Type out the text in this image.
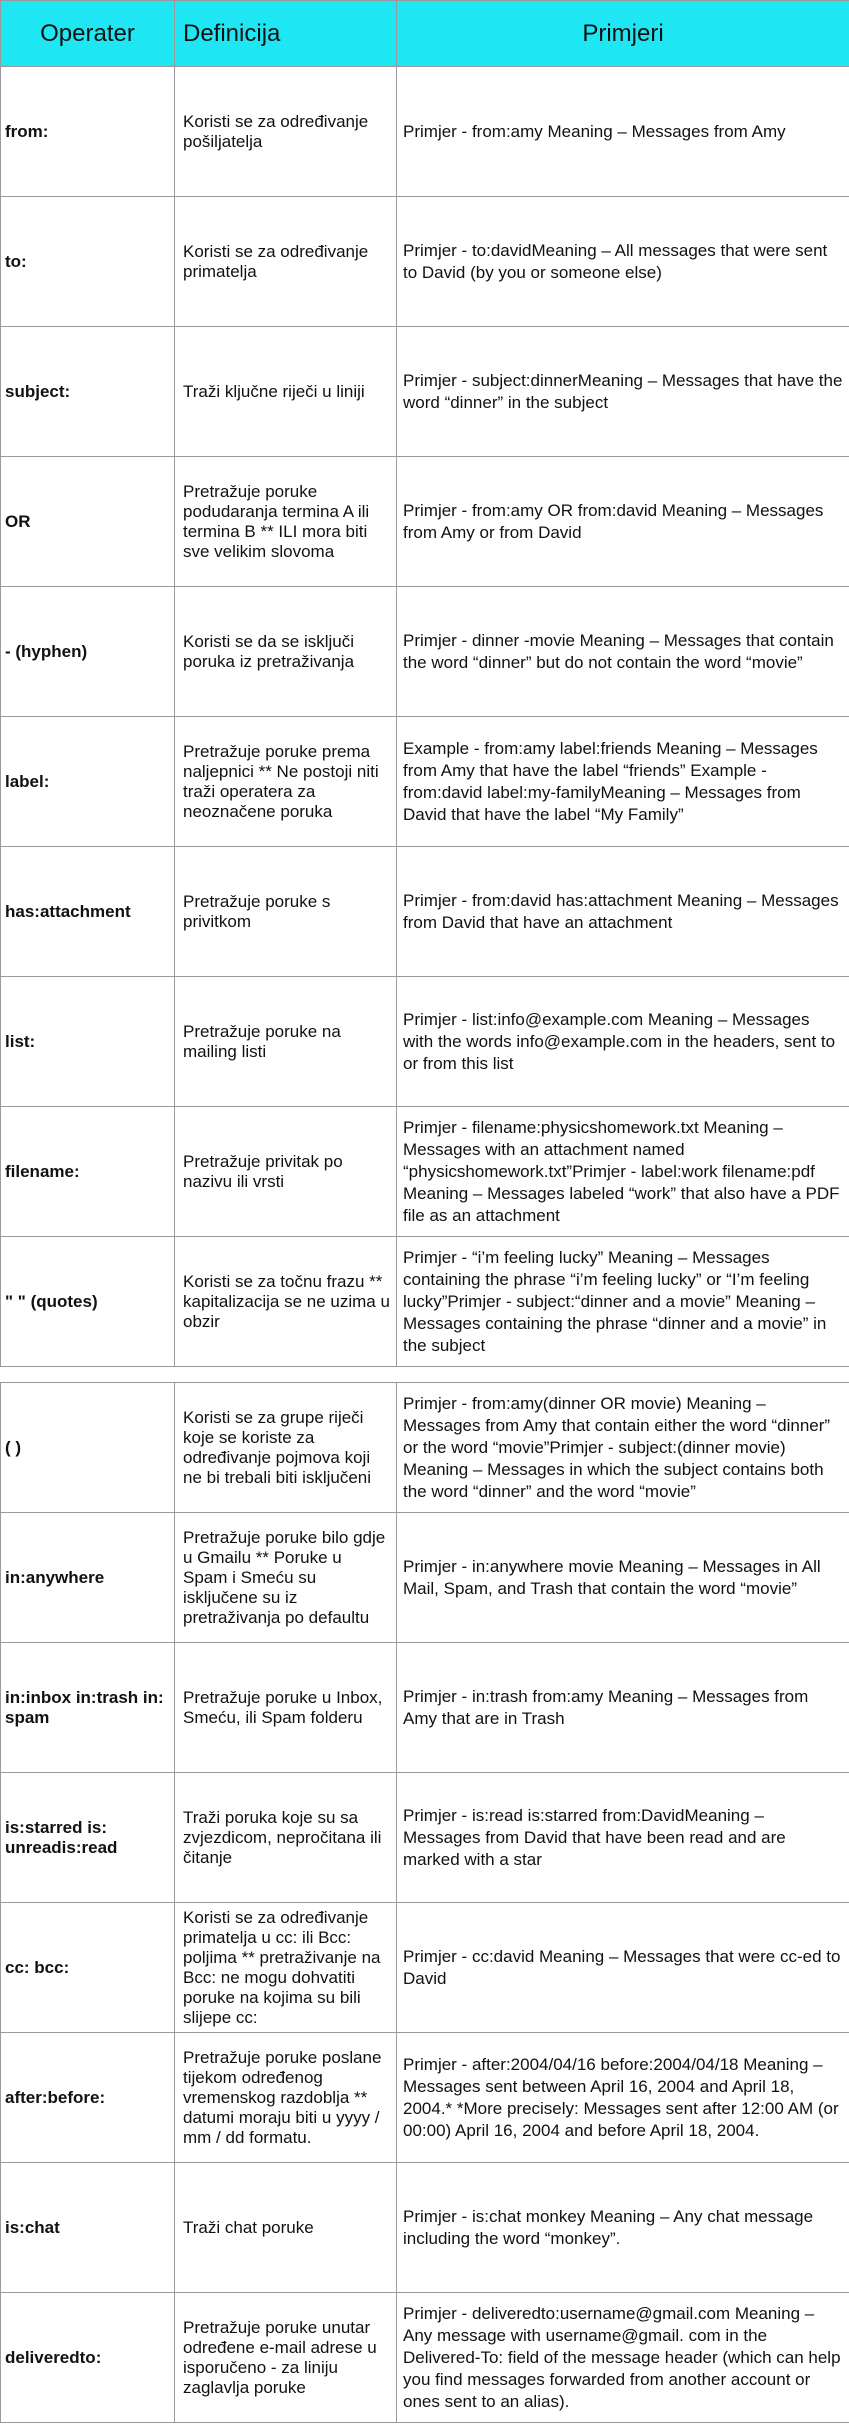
Operater	Definicija	Primjeri
from:	Koristi se za određivanje pošiljatelja	Primjer - from:amy Meaning – Messages from Amy
to:	Koristi se za određivanje primatelja	Primjer - to:davidMeaning – All messages that were sent to David (by you or someone else)
subject:	Traži ključne riječi u liniji	Primjer - subject:dinnerMeaning – Messages that have the word “dinner” in the subject
OR	Pretražuje poruke podudaranja termina A ili termina B ** ILI mora biti sve velikim slovoma	Primjer - from:amy OR from:david Meaning – Messages from Amy or from David
- (hyphen)	Koristi se da se isključi poruka iz pretraživanja	Primjer - dinner -movie Meaning – Messages that contain the word “dinner” but do not contain the word “movie”
label:	Pretražuje poruke prema naljepnici ** Ne postoji niti traži operatera za neoznačene poruka	Example - from:amy label:friends Meaning – Messages from Amy that have the label “friends” Example - from:david label:my-familyMeaning – Messages from David that have the label “My Family”
has:attachment	Pretražuje poruke s privitkom	Primjer - from:david has:attachment Meaning – Messages from David that have an attachment
list:	Pretražuje poruke na mailing listi	Primjer - list:info@example.com Meaning – Messages with the words info@example.com in the headers, sent to or from this list
filename:	Pretražuje privitak po nazivu ili vrsti	Primjer - filename:physicshomework.txt Meaning – Messages with an attachment named “physicshomework.txt”Primjer - label:work filename:pdf Meaning – Messages labeled “work” that also have a PDF file as an attachment
" " (quotes)	Koristi se za točnu frazu ** kapitalizacija se ne uzima u obzir	Primjer - “i’m feeling lucky” Meaning – Messages containing the phrase “i’m feeling lucky” or “I’m feeling lucky”Primjer - subject:“dinner and a movie” Meaning – Messages containing the phrase “dinner and a movie” in the subject

( )	Koristi se za grupe riječi koje se koriste za određivanje pojmova koji ne bi trebali biti isključeni	Primjer - from:amy(dinner OR movie) Meaning – Messages from Amy that contain either the word “dinner” or the word “movie”Primjer - subject:(dinner movie) Meaning – Messages in which the subject contains both the word “dinner” and the word “movie”
in:anywhere	Pretražuje poruke bilo gdje u Gmailu ** Poruke u Spam i Smeću su isključene su iz pretraživanja po defaultu	Primjer - in:anywhere movie Meaning – Messages in All Mail, Spam, and Trash that contain the word “movie”
in:inbox in:trash in: spam	Pretražuje poruke u Inbox, Smeću, ili Spam folderu	Primjer - in:trash from:amy Meaning – Messages from Amy that are in Trash
is:starred is: unreadis:read	Traži poruka koje su sa zvjezdicom, nepročitana ili čitanje	Primjer - is:read is:starred from:DavidMeaning – Messages from David that have been read and are marked with a star
cc: bcc:	Koristi se za određivanje primatelja u cc: ili Bcc: poljima ** pretraživanje na Bcc: ne mogu dohvatiti poruke na kojima su bili slijepe cc:	Primjer - cc:david Meaning – Messages that were cc-ed to David
after:before:	Pretražuje poruke poslane tijekom određenog vremenskog razdoblja ** datumi moraju biti u yyyy / mm / dd formatu.	Primjer - after:2004/04/16 before:2004/04/18 Meaning – Messages sent between April 16, 2004 and April 18, 2004.* *More precisely: Messages sent after 12:00 AM (or 00:00) April 16, 2004 and before April 18, 2004.
is:chat	Traži chat poruke	Primjer - is:chat monkey Meaning – Any chat message including the word “monkey”.
deliveredto:	Pretražuje poruke unutar određene e-mail adrese u isporučeno - za liniju zaglavlja poruke	Primjer - deliveredto:username@gmail.com Meaning – Any message with username@gmail. com in the Delivered-To: field of the message header (which can help you find messages forwarded from another account or ones sent to an alias).
